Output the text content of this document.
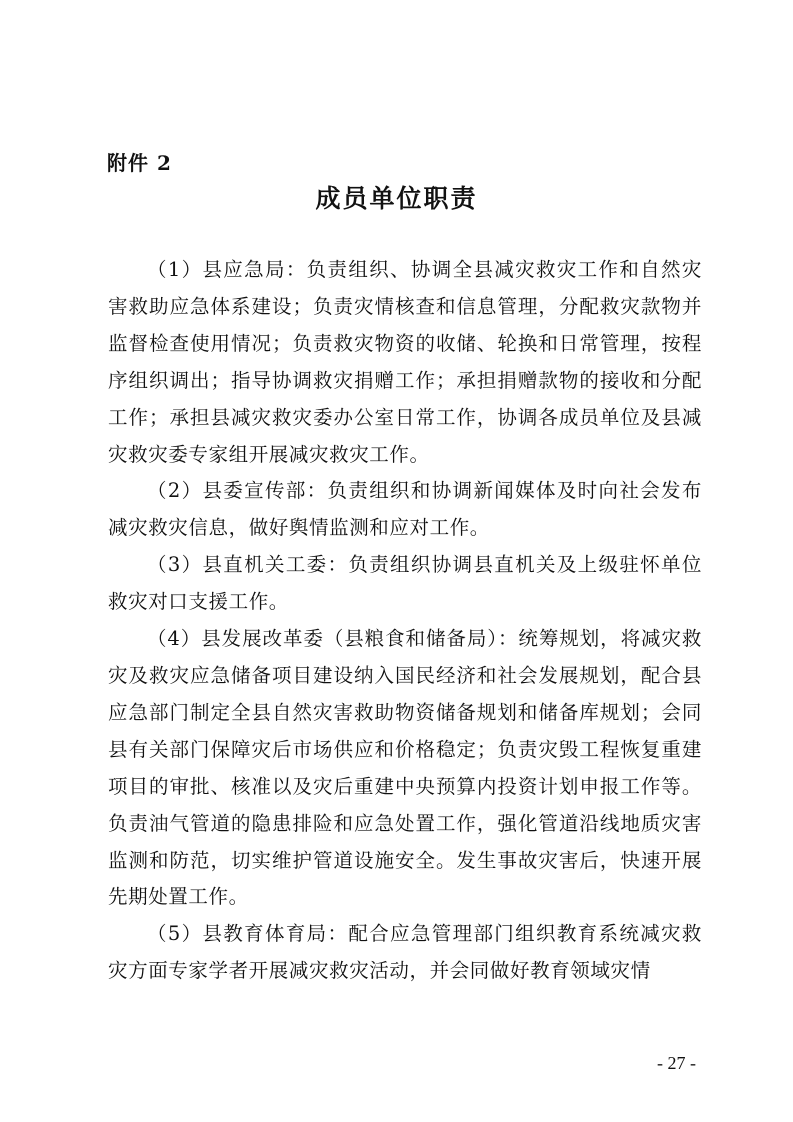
附件 2
成员单位职责

（1）县应急局：负责组织、协调全县减灾救灾工作和自然灾害救助应急体系建设；负责灾情核查和信息管理，分配救灾款物并监督检查使用情况；负责救灾物资的收储、轮换和日常管理，按程序组织调出；指导协调救灾捐赠工作；承担捐赠款物的接收和分配工作；承担县减灾救灾委办公室日常工作，协调各成员单位及县减灾救灾委专家组开展减灾救灾工作。

（2）县委宣传部：负责组织和协调新闻媒体及时向社会发布减灾救灾信息，做好舆情监测和应对工作。

（3）县直机关工委：负责组织协调县直机关及上级驻怀单位救灾对口支援工作。

（4）县发展改革委（县粮食和储备局）：统筹规划，将减灾救灾及救灾应急储备项目建设纳入国民经济和社会发展规划，配合县应急部门制定全县自然灾害救助物资储备规划和储备库规划；会同县有关部门保障灾后市场供应和价格稳定；负责灾毁工程恢复重建项目的审批、核准以及灾后重建中央预算内投资计划申报工作等。负责油气管道的隐患排险和应急处置工作，强化管道沿线地质灾害监测和防范，切实维护管道设施安全。发生事故灾害后，快速开展先期处置工作。

（5）县教育体育局：配合应急管理部门组织教育系统减灾救灾方面专家学者开展减灾救灾活动，并会同做好教育领域灾情

- 27 -
